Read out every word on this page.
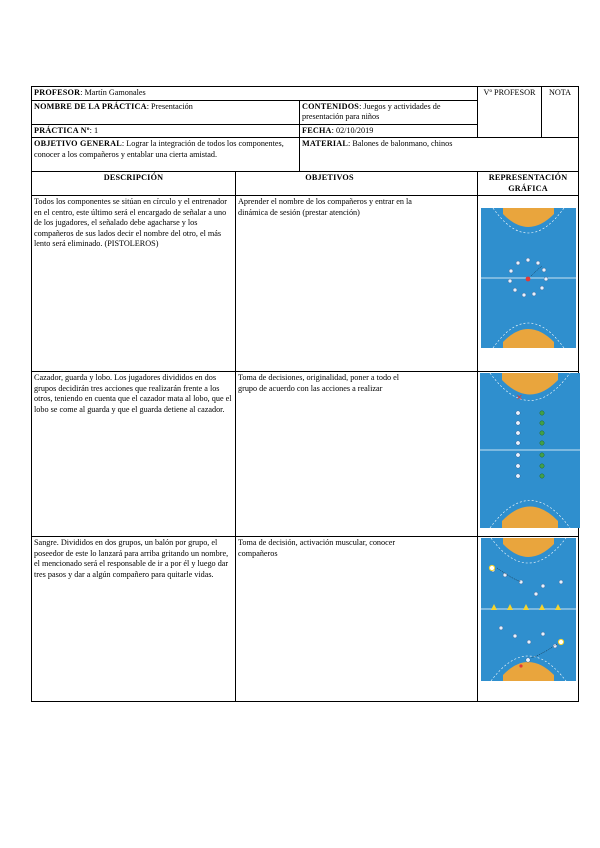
PROFESOR: Martín Gamonales			Vº PROFESOR	NOTA
NOMBRE DE LA PRÁCTICA: Presentación		CONTENIDOS: Juegos y actividades de presentación para niños		
PRÁCTICA Nº: 1		FECHA: 02/10/2019		
OBJETIVO GENERAL: Lograr la integración de todos los componentes, conocer a los compañeros y entablar una cierta amistad.		MATERIAL: Balones de balonmano, chinos		
DESCRIPCIÓN	OBJETIVOS		REPRESENTACIÓN GRÁFICA	
Todos los componentes se sitúan en círculo y el entrenador en el centro, este último será el encargado de señalar a uno de los jugadores, el señalado debe agacharse y los compañeros de sus lados decir el nombre del otro, el más lento será eliminado. (PISTOLEROS)	Aprender el nombre de los compañeros y entrar en la dinámica de sesión (prestar atención)	

Cazador, guarda y lobo. Los jugadores divididos en dos grupos decidirán tres acciones que realizarán frente a los otros, teniendo en cuenta que el cazador mata al lobo, que el lobo se come al guarda y que el guarda detiene al cazador.	Toma de decisiones, originalidad, poner a todo el grupo de acuerdo con las acciones a realizar		✕	

Sangre. Divididos en dos grupos, un balón por grupo, el poseedor de este lo lanzará para arriba gritando un nombre, el mencionado será el responsable de ir a por él y luego dar tres pasos y dar a algún compañero para quitarle vidas.	Toma de decisión, activación muscular, conocer compañeros	
